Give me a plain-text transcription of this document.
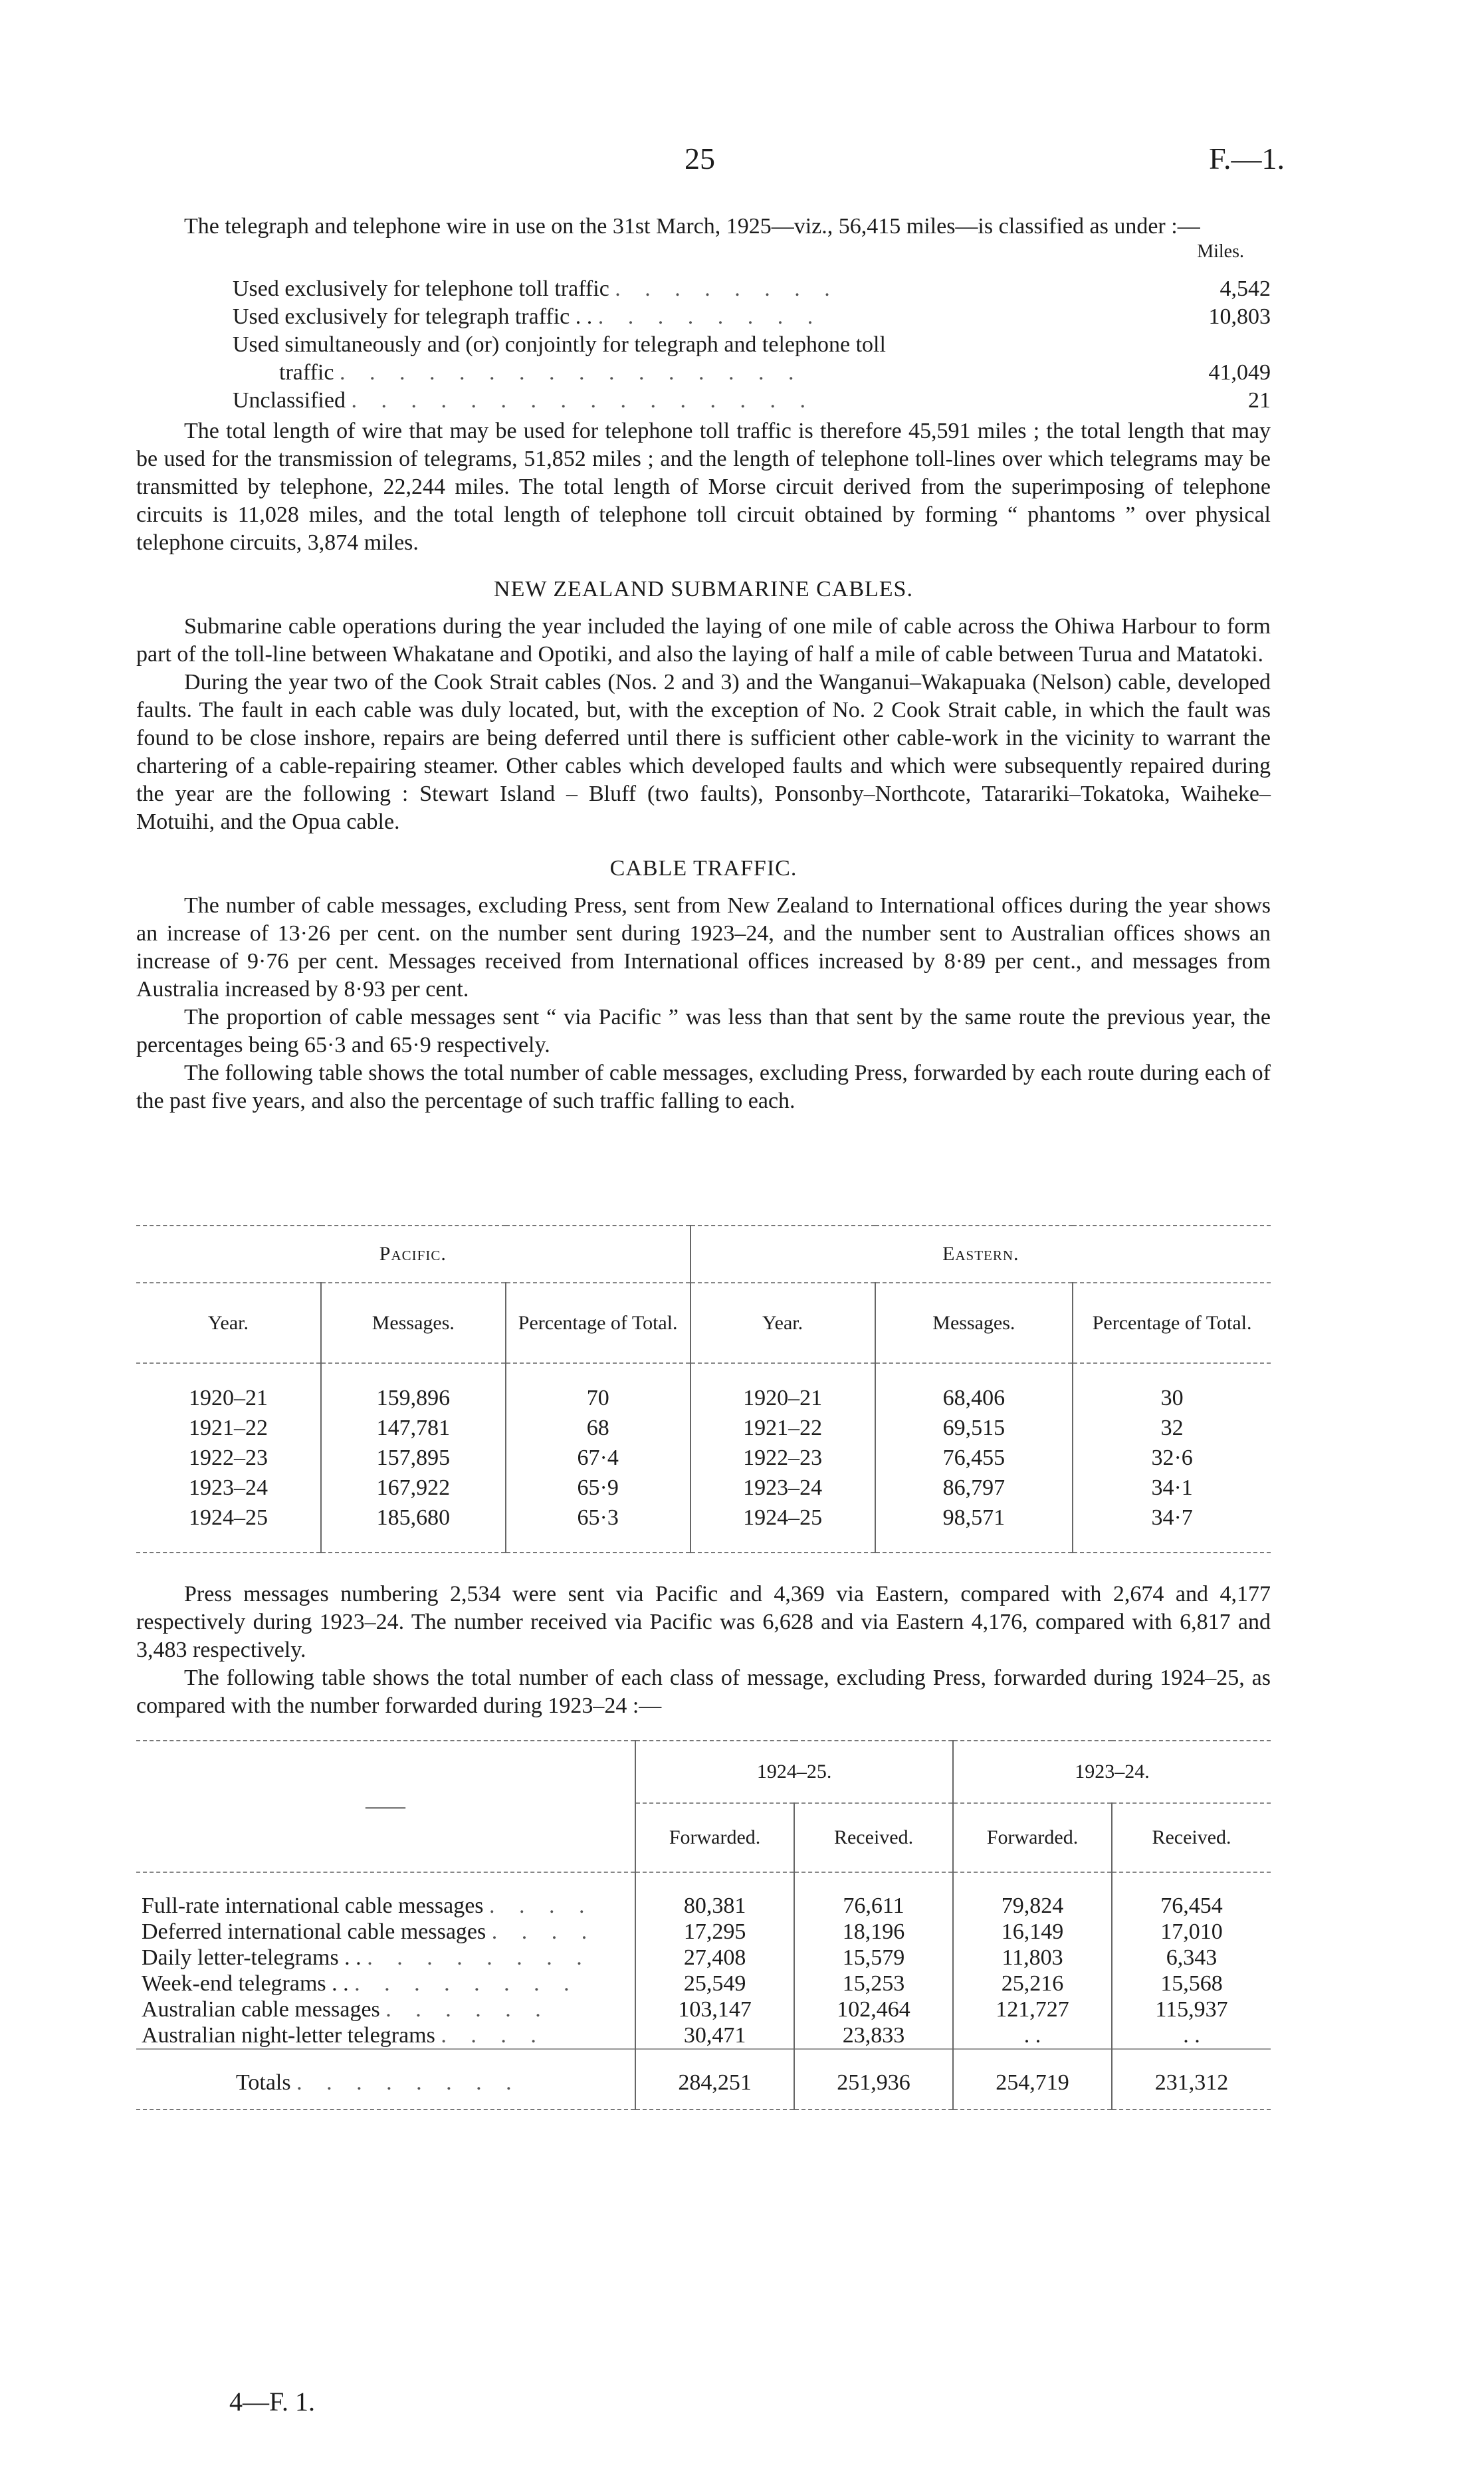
25	F.—1.

The telegraph and telephone wire in use on the 31st March, 1925—viz., 56,415 miles—is classified as under :—

Miles.
Used exclusively for telephone toll traffic . . . . . . . .	4,542
Used exclusively for telegraph traffic . . . . . . . . . .	10,803
Used simultaneously and (or) conjointly for telegraph and telephone toll
traffic . . . . . . . . . . . . . . . .	41,049
Unclassified . . . . . . . . . . . . . . . .	21

The total length of wire that may be used for telephone toll traffic is therefore 45,591 miles ; the total length that may be used for the transmission of telegrams, 51,852 miles ; and the length of telephone toll-lines over which telegrams may be transmitted by telephone, 22,244 miles. The total length of Morse circuit derived from the superimposing of telephone circuits is 11,028 miles, and the total length of telephone toll circuit obtained by forming “ phantoms ” over physical telephone circuits, 3,874 miles.

NEW ZEALAND SUBMARINE CABLES.

Submarine cable operations during the year included the laying of one mile of cable across the Ohiwa Harbour to form part of the toll-line between Whakatane and Opotiki, and also the laying of half a mile of cable between Turua and Matatoki.

During the year two of the Cook Strait cables (Nos. 2 and 3) and the Wanganui–Wakapuaka (Nelson) cable, developed faults. The fault in each cable was duly located, but, with the exception of No. 2 Cook Strait cable, in which the fault was found to be close inshore, repairs are being deferred until there is sufficient other cable-work in the vicinity to warrant the chartering of a cable-repairing steamer. Other cables which developed faults and which were subsequently repaired during the year are the following : Stewart Island – Bluff (two faults), Ponsonby–Northcote, Tatarariki–Tokatoka, Waiheke–Motuihi, and the Opua cable.

CABLE TRAFFIC.

The number of cable messages, excluding Press, sent from New Zealand to International offices during the year shows an increase of 13·26 per cent. on the number sent during 1923–24, and the number sent to Australian offices shows an increase of 9·76 per cent. Messages received from International offices increased by 8·89 per cent., and messages from Australia increased by 8·93 per cent.

The proportion of cable messages sent “ via Pacific ” was less than that sent by the same route the previous year, the percentages being 65·3 and 65·9 respectively.

The following table shows the total number of cable messages, excluding Press, forwarded by each route during each of the past five years, and also the percentage of such traffic falling to each.

Pacific.			Eastern.		
Year.	Messages.	Percentage of Total.	Year.	Messages.	Percentage of Total.

1920–21	159,896	70	1920–21	68,406	30
1921–22	147,781	68	1921–22	69,515	32
1922–23	157,895	67·4	1922–23	76,455	32·6
1923–24	167,922	65·9	1923–24	86,797	34·1
1924–25	185,680	65·3	1924–25	98,571	34·7

Press messages numbering 2,534 were sent via Pacific and 4,369 via Eastern, compared with 2,674 and 4,177 respectively during 1923–24. The number received via Pacific was 6,628 and via Eastern 4,176, compared with 6,817 and 3,483 respectively.

The following table shows the total number of each class of message, excluding Press, forwarded during 1924–25, as compared with the number forwarded during 1923–24 :—

——	1924–25.		1923–24.	
	Forwarded.	Received.	Forwarded.	Received.

Full-rate international cable messages . . . .	80,381	76,611	79,824	76,454
Deferred international cable messages . . . .	17,295	18,196	16,149	17,010
Daily letter-telegrams . . . . . . . . . .	27,408	15,579	11,803	6,343
Week-end telegrams . . . . . . . . . .	25,549	15,253	25,216	15,568
Australian cable messages . . . . . .	103,147	102,464	121,727	115,937
Australian night-letter telegrams . . . .	30,471	23,833	. .	. .
Totals . . . . . . . .	284,251	251,936	254,719	231,312
4—F. 1.
